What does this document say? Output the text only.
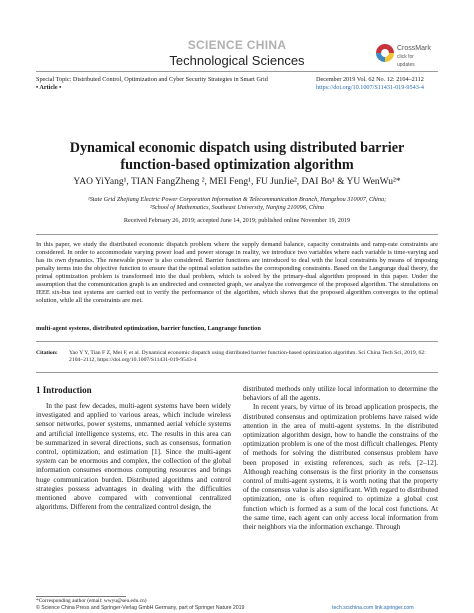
SCIENCE CHINA
Technological Sciences
CrossMark
click for updates
Special Topic: Distributed Control, Optimization and Cyber Security Strategies in Smart Grid
• Article •
December 2019 Vol. 62 No. 12: 2104–2112
https://doi.org/10.1007/S11431-019-9543-4
Dynamical economic dispatch using distributed barrier
function-based optimization algorithm
YAO YiYang¹, TIAN FangZheng ², MEI Feng¹, FU JunJie², DAI Bo¹ & YU WenWu²*
¹State Grid Zhejiang Electric Power Corporation Information & Telecommunication Branch, Hangzhou 310007, China;
²School of Mathematics, Southeast University, Nanjing 210096, China
Received February 26, 2019; accepted June 14, 2019; published online November 19, 2019
In this paper, we study the distributed economic dispatch problem where the supply demand balance, capacity constraints and ramp-rate constraints are considered. In order to accommodate varying power load and power storage in reality, we introduce two variables where each variable is time-varying and has its own dynamics. The renewable power is also considered. Barrier functions are introduced to deal with the local constraints by means of imposing penalty terms into the objective function to ensure that the optimal solution satisfies the corresponding constraints. Based on the Langrange dual theory, the primal optimization problem is transformed into the dual problem, which is solved by the primary-dual algorithm proposed in this paper. Under the assumption that the communication graph is an undirected and connected graph, we analyze the convergence of the proposed algorithm. The simulations on IEEE six-bus test systems are carried out to verify the performance of the algorithm, which shows that the proposed algorithm converges to the optimal solution, while all the constraints are met.
multi-agent systems, distributed optimization, barrier function, Langrange function
Citation: Yao Y Y, Tian F Z, Mei F, et al. Dynamical economic dispatch using distributed barrier function-based optimization algorithm. Sci China Tech Sci, 2019, 62: 2104–2112, https://doi.org/10.1007/S11431-019-9543-4
1 Introduction
In the past few decades, multi-agent systems have been widely investigated and applied to various areas, which include wireless sensor networks, power systems, unmanned aerial vehicle systems and artificial intelligence systems, etc. The results in this area can be summarized in several directions, such as consensus, formation control, optimization, and estimation [1]. Since the multi-agent system can be enormous and complex, the collection of the global information consumes enormous computing resources and brings huge communication burden. Distributed algorithms and control strategies possess advantages in dealing with the difficulties mentioned above compared with conventional centralized algorithms. Different from the centralized control design, the

distributed methods only utilize local information to determine the behaviors of all the agents.

In recent years, by virtue of its broad application prospects, the distributed consensus and optimization problems have raised wide attention in the area of multi-agent systems. In the distributed optimization algorithm design, how to handle the constrains of the optimization problem is one of the most difficult challenges. Plenty of methods for solving the distributed consensus problem have been proposed in existing references, such as refs. [2–12]. Although reaching consensus is the first priority in the consensus control of multi-agent systems, it is worth noting that the property of the consensus value is also significant. With regard to distributed optimization, one is often required to optimize a global cost function which is formed as a sum of the local cost functions. At the same time, each agent can only access local information from their neighbors via the information exchange. Through

*Corresponding author (email: wwyu@seu.edu.cn)
© Science China Press and Springer-Verlag GmbH Germany, part of Springer Nature 2019	tech.scichina.com link.springer.com
